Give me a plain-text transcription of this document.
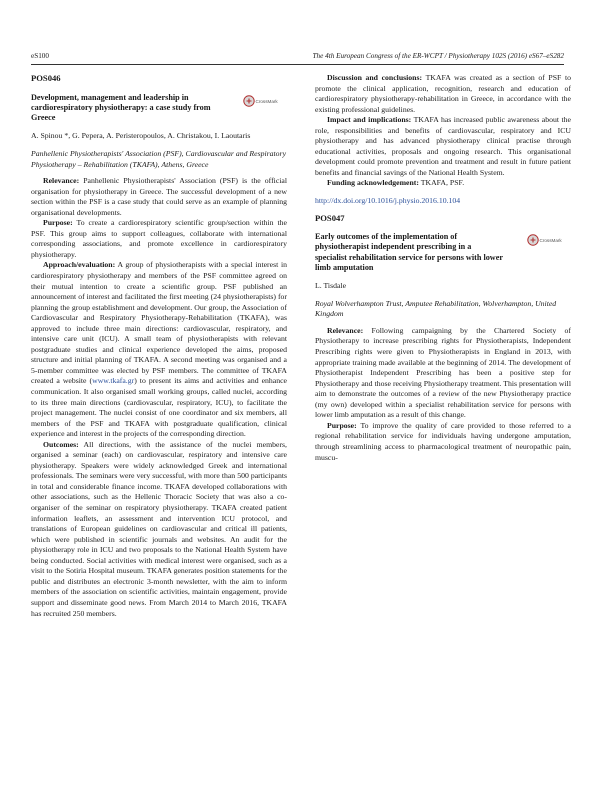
eS100	The 4th European Congress of the ER-WCPT / Physiotherapy 102S (2016) eS67–eS282
POS046
Development, management and leadership in cardiorespiratory physiotherapy: a case study from Greece
CrossMark
A. Spinou *, G. Pepera, A. Peristeropoulos, A. Christakou, I. Laoutaris
Panhellenic Physiotherapists' Association (PSF), Cardiovascular and Respiratory Physiotherapy – Rehabilitation (TKAFA), Athens, Greece

Relevance: Panhellenic Physiotherapists' Association (PSF) is the official organisation for physiotherapy in Greece. The successful development of a new section within the PSF is a case study that could serve as an example of planning organisational developments.

Purpose: To create a cardiorespiratory scientific group/section within the PSF. This group aims to support colleagues, collaborate with international corresponding associations, and promote excellence in cardiorespiratory physiotherapy.

Approach/evaluation: A group of physiotherapists with a special interest in cardiorespiratory physiotherapy and members of the PSF committee agreed on their mutual intention to create a scientific group. PSF published an announcement of interest and facilitated the first meeting (24 physiotherapists) for planning the group establishment and development. Our group, the Association of Cardiovascular and Respiratory Physiotherapy-Rehabilitation (TKAFA), was approved to include three main directions: cardiovascular, respiratory, and intensive care unit (ICU). A small team of physiotherapists with relevant postgraduate studies and clinical experience developed the aims, proposed structure and initial planning of TKAFA. A second meeting was organised and a 5-member committee was elected by PSF members. The committee of TKAFA created a website (www.tkafa.gr) to present its aims and activities and enhance communication. It also organised small working groups, called nuclei, according to its three main directions (cardiovascular, respiratory, ICU), to facilitate the project management. The nuclei consist of one coordinator and six members, all members of the PSF and TKAFA with postgraduate qualification, clinical experience and interest in the projects of the corresponding direction.

Outcomes: All directions, with the assistance of the nuclei members, organised a seminar (each) on cardiovascular, respiratory and intensive care physiotherapy. Speakers were widely acknowledged Greek and international professionals. The seminars were very successful, with more than 500 participants in total and considerable finance income. TKAFA developed collaborations with other associations, such as the Hellenic Thoracic Society that was also a co-organiser of the seminar on respiratory physiotherapy. TKAFA created patient information leaflets, an assessment and intervention ICU protocol, and translations of European guidelines on cardiovascular and critical ill patients, which were published in scientific journals and websites. An audit for the physiotherapy role in ICU and two proposals to the National Health System have being conducted. Social activities with medical interest were organised, such as a visit to the Sotiria Hospital museum. TKAFA generates position statements for the public and distributes an electronic 3-month newsletter, with the aim to inform members of the association on scientific activities, maintain engagement, provide support and disseminate good news. From March 2014 to March 2016, TKAFA has recruited 250 members.

Discussion and conclusions: TKAFA was created as a section of PSF to promote the clinical application, recognition, research and education of cardiorespiratory physiotherapy-rehabilitation in Greece, in accordance with the existing professional guidelines.

Impact and implications: TKAFA has increased public awareness about the role, responsibilities and benefits of cardiovascular, respiratory and ICU physiotherapy and has advanced physiotherapy clinical practise through educational activities, proposals and ongoing research. This organisational development could promote prevention and treatment and result in future patient benefits and financial savings of the National Health System.

Funding acknowledgement: TKAFA, PSF.

http://dx.doi.org/10.1016/j.physio.2016.10.104
POS047
Early outcomes of the implementation of physiotherapist independent prescribing in a specialist rehabilitation service for persons with lower limb amputation
CrossMark
L. Tisdale
Royal Wolverhampton Trust, Amputee Rehabilitation, Wolverhampton, United Kingdom

Relevance: Following campaigning by the Chartered Society of Physiotherapy to increase prescribing rights for Physiotherapists, Independent Prescribing rights were given to Physiotherapists in England in 2013, with appropriate training made available at the beginning of 2014. The development of Physiotherapist Independent Prescribing has been a positive step for Physiotherapy and those receiving Physiotherapy treatment. This presentation will aim to demonstrate the outcomes of a review of the new Physiotherapy practice (my own) developed within a specialist rehabilitation service for persons with lower limb amputation as a result of this change.

Purpose: To improve the quality of care provided to those referred to a regional rehabilitation service for individuals having undergone amputation, through streamlining access to pharmacological treatment of neuropathic pain, muscu-
